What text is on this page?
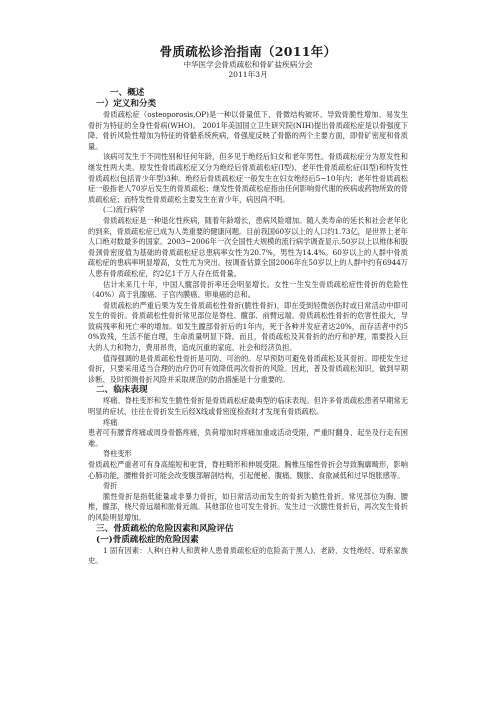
骨质疏松诊治指南（2011年）
中华医学会骨质疏松和骨矿盐疾病分会
2011年3月
一、概述
一）定义和分类

骨质疏松症（osteoporosis,OP)是一种以骨量低下、骨微结构破坏、导致骨脆性增加、易发生骨折为特征的全身性骨病(WHO)。 2001年美国国立卫生研究院(NIH)提出骨质疏松症是以骨强度下降、骨折风险性增加为特征的骨骼系统疾病，骨强度反映了骨骼的两个主要方面，即骨矿密度和骨质量。

该病可发生于不同性别和任何年龄，但多见于绝经后妇女和老年男性。骨质疏松症分为原发性和继发性两大类。原发性骨质疏松症又分为绝经后骨质疏松症(I型)、老年性骨质疏松症(II型)和特发性骨质疏松(包括青少年型)3种。绝经后骨质疏松症一般发生在妇女绝经后5~10年内；老年性骨质疏松症一般指老人70岁后发生的骨质疏松；继发性骨质疏松症指由任何影响骨代谢的疾病或药物所致的骨质疏松症；而特发性骨质疏松主要发生在青少年，病因尚不明。

(二)流行病学

骨质疏松症是一种退化性疾病，随着年龄增长，患病风险增加。随人类寿命的延长和社会老年化的到来，骨质疏松症已成为人类重要的健康问题。目前我国60岁以上的人口约1.73亿，是世界上老年人口绝对数最多的国家。2003~2006年一次全国性大规模的流行病学调查显示,50岁以上以椎体和股骨颈骨密度值为基础的骨质疏松症总患病率女性为20.7%，男性为14.4%。60岁以上的人群中骨质疏松症的患病率明显增高，女性尤为突出。按调查估算全国2006年在50岁以上的人群中约有6944万人患有骨质疏松症，约2亿1千万人存在低骨量。

估计未来几十年，中国人髋部骨折率还会明显增长。女性一生发生骨质疏松症性骨折的危险性（40%）高于乳腺癌、子宫内膜癌、卵巢癌的总和。

骨质疏松的严重后果为发生骨质疏松性骨折(脆性骨折)，即在受到轻微创伤时或日常活动中即可发生的骨折。骨质疏松性骨折常见部位是脊柱、髋部、前臂远端。骨质疏松性骨折的危害性很大，导致病残率和死亡率的增加。如发生髋部骨折后的1年内，死于各种并发症者达20%，而存活者中约50%致残，生活不能自理，生命质量明显下降。而且，骨质疏松及其骨折的治疗和护理，需要投入巨大的人力和物力，费用昂贵，造成沉重的家庭、社会和经济负担。

值得强调的是骨质疏松性骨折是可防、可治的。尽早预防可避免骨质疏松及其骨折。即使发生过骨折，只要采用适当合理的治疗仍可有效降低再次骨折的风险。因此，普及骨质疏松知识，做到早期诊断、及时预测骨折风险并采取规范的防治措施是十分重要的。

二、临床表现

疼痛、脊柱变形和发生脆性骨折是骨质疏松症最典型的临床表现。但许多骨质疏松患者早期常无明显的症状，往往在骨折发生后经X线或骨密度检查时才发现有骨质疏松。

疼痛

患者可有腰背疼痛或周身骨骼疼痛，负荷增加时疼痛加重或活动受限，严重时翻身、起坐及行走有困难。

脊柱变形

骨质疏松严重者可有身高缩短和驼背，脊柱畸形和伸展受限。胸椎压缩性骨折会导致胸廓畸形，影响心肺功能，腰椎骨折可能会改变腹部解剖结构，引起便秘、腹痛、腹胀、食欲减低和过早饱胀感等。

骨折

脆性骨折是指低能量或非暴力骨折，如日常活动而发生的骨折为脆性骨折。常见部位为胸、腰椎，髋部，桡尺骨远端和肱骨近端。其他部位也可发生骨折。发生过一次脆性骨折后，再次发生骨折的风险明显增加。

三、骨质疏松的危险因素和风险评估
(一)骨质疏松症的危险因素

1 固有因素：人种(白种人和黄种人患骨质疏松症的危险高于黑人)、老龄、女性绝经、母系家族史。
